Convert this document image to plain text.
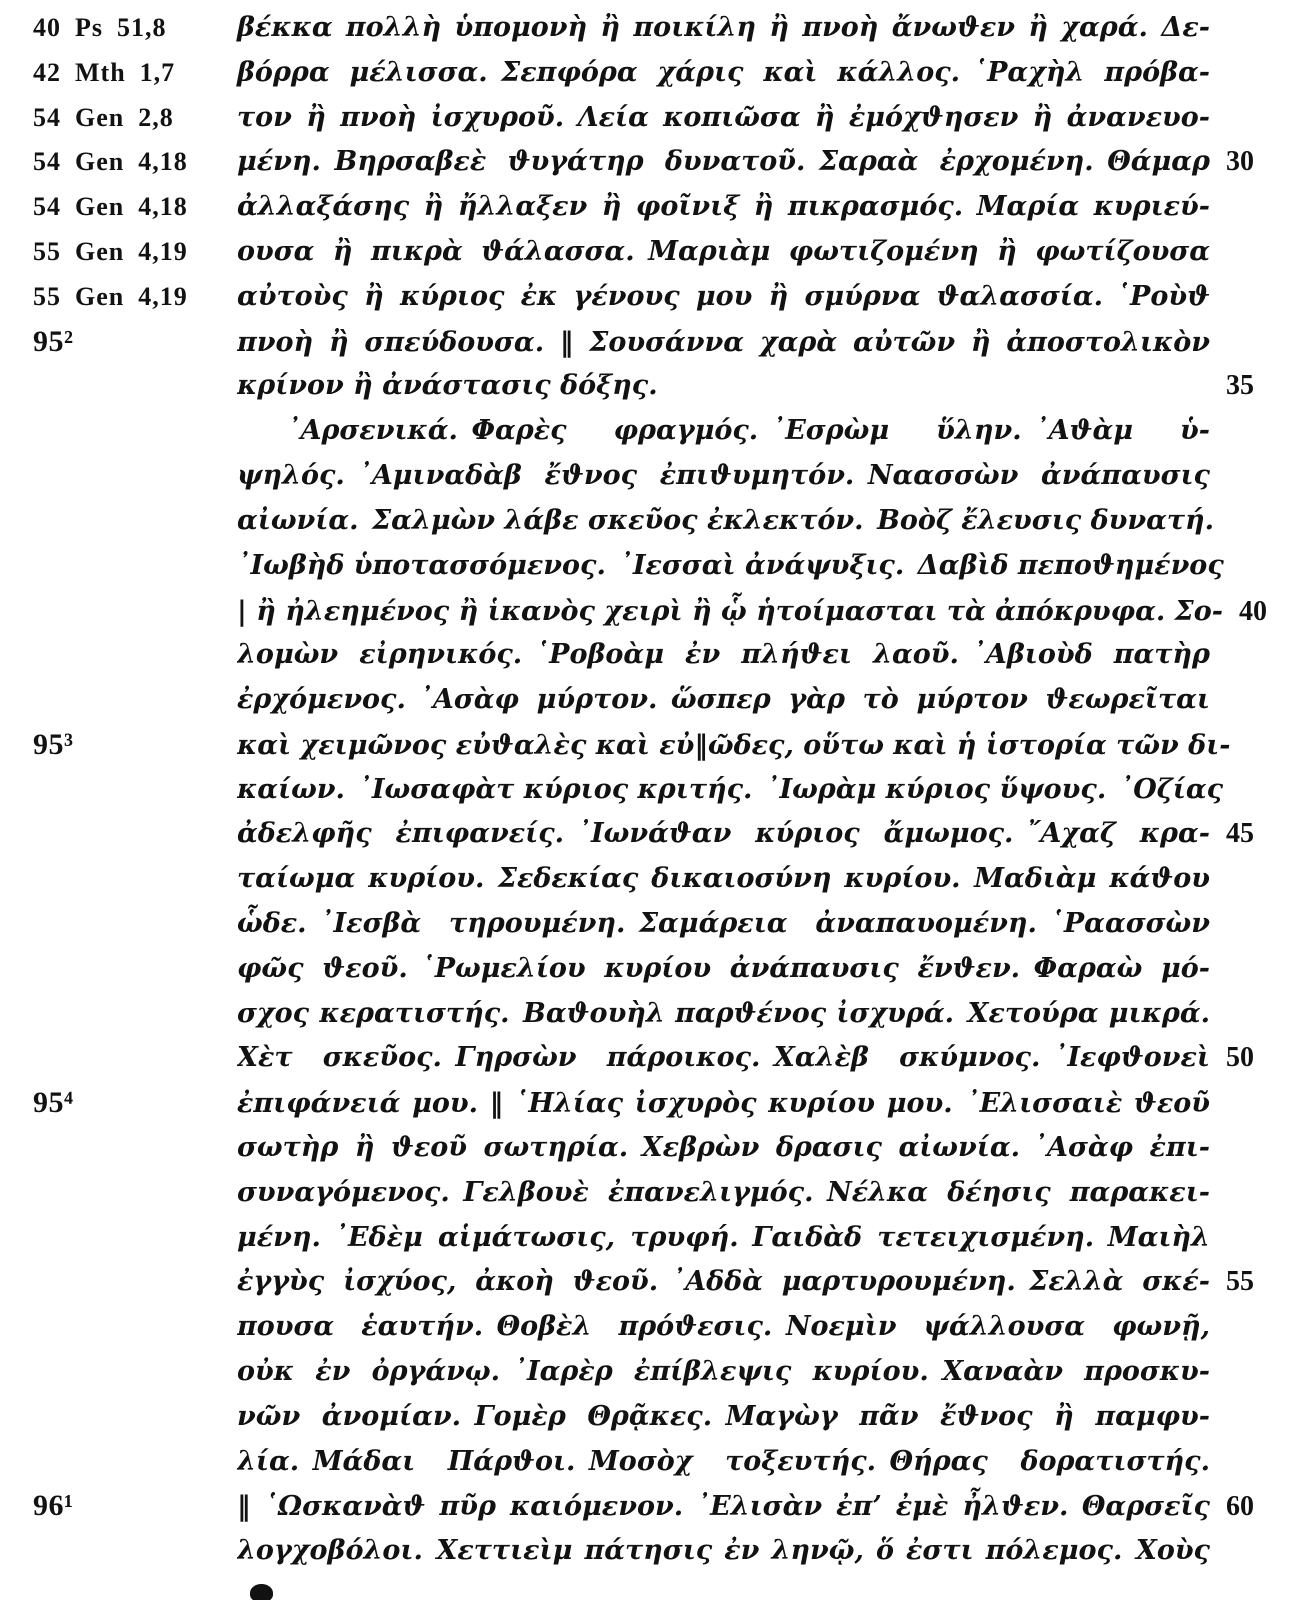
40 Ps 51,8	βέκκα πολλὴ ὑπομονὴ ἢ ποικίλη ἢ πνοὴ ἄνωϑεν ἢ χαρά. Δε-
42 Mth 1,7	βόρρα μέλισσα. Σεπφόρα χάρις καὶ κάλλος. ῾Ραχὴλ πρόβα-
54 Gen 2,8	τον ἢ πνοὴ ἰσχυροῦ. Λεία κοπιῶσα ἢ ἐμόχϑησεν ἢ ἀνανευο-
54 Gen 4,18	μένη. Βηρσαβεὲ ϑυγάτηρ δυνατοῦ. Σαραὰ ἐρχομένη. Θάμαρ 30
54 Gen 4,18	ἀλλαξάσης ἢ ἤλλαξεν ἢ φοῖνιξ ἢ πικρασμός. Μαρία κυριεύ-
55 Gen 4,19	ουσα ἢ πικρὰ ϑάλασσα. Μαριὰμ φωτιζομένη ἢ φωτίζουσα
55 Gen 4,19	αὐτοὺς ἢ κύριος ἐκ γένους μου ἢ σμύρνα ϑαλασσία. ῾Ροὺϑ
95²	πνοὴ ἢ σπεύδουσα. ‖ Σουσάννα χαρὰ αὐτῶν ἢ ἀποστολικὸν
κρίνον ἢ ἀνάστασις δόξης.	35
᾿Αρσενικά. Φαρὲς φραγμός. ᾿Εσρὼμ ὕλην. ᾿Αϑὰμ ὑ-
ψηλός. ᾿Αμιναδὰβ ἔϑνος ἐπιϑυμητόν. Ναασσὼν ἀνάπαυσις
αἰωνία. Σαλμὼν λάβε σκεῦος ἐκλεκτόν. Βοὸζ ἔλευσις δυνατή.
᾿Ιωβὴδ ὑποτασσόμενος. ᾿Ιεσσαὶ ἀνάψυξις. Δαβὶδ πεποϑημένος
| ἢ ἠλεημένος ἢ ἱκανὸς χειρὶ ἢ ᾧ ἡτοίμασται τὰ ἀπόκρυφα. Σο- 40
λομὼν εἰρηνικός. ῾Ροβοὰμ ἐν πλήϑει λαοῦ. ᾿Αβιοὺδ πατὴρ
ἐρχόμενος. ᾿Ασὰφ μύρτον. ὥσπερ γὰρ τὸ μύρτον ϑεωρεῖται
95³	καὶ χειμῶνος εὐϑαλὲς καὶ εὐ‖ῶδες, οὕτω καὶ ἡ ἱστορία τῶν δι-
καίων. ᾿Ιωσαφὰτ κύριος κριτής. ᾿Ιωρὰμ κύριος ὕψους. ᾿Οζίας
ἀδελφῆς ἐπιφανείς. ᾿Ιωνάϑαν κύριος ἄμωμος. ῎Αχαζ κρα- 45
ταίωμα κυρίου. Σεδεκίας δικαιοσύνη κυρίου. Μαδιὰμ κάϑου
ὧδε. ᾿Ιεσβὰ τηρουμένη. Σαμάρεια ἀναπαυομένη. ῾Ραασσὼν
φῶς ϑεοῦ. ῾Ρωμελίου κυρίου ἀνάπαυσις ἔνϑεν. Φαραὼ μό-
σχος κερατιστής. Βαϑουὴλ παρϑένος ἰσχυρά. Χετούρα μικρά.
Χὲτ σκεῦος. Γηρσὼν πάροικος. Χαλὲβ σκύμνος. ᾿Ιεφϑονεὶ 50
95⁴	ἐπιφάνειά μου. ‖ ῾Ηλίας ἰσχυρὸς κυρίου μου. ᾿Ελισσαιὲ ϑεοῦ
σωτὴρ ἢ ϑεοῦ σωτηρία. Χεβρὼν δρασις αἰωνία. ᾿Ασὰφ ἐπι-
συναγόμενος. Γελβουὲ ἐπανελιγμός. Νέλκα δέησις παρακει-
μένη. ᾿Εδὲμ αἱμάτωσις, τρυφή. Γαιδὰδ τετειχισμένη. Μαιὴλ
ἐγγὺς ἰσχύος, ἀκοὴ ϑεοῦ. ᾿Αδδὰ μαρτυρουμένη. Σελλὰ σκέ- 55
πουσα ἑαυτήν. Θοβὲλ πρόϑεσις. Νοεμὶν ψάλλουσα φωνῇ,
οὐκ ἐν ὀργάνῳ. ᾿Ιαρὲρ ἐπίβλεψις κυρίου. Χαναὰν προσκυ-
νῶν ἀνομίαν. Γομὲρ Θρᾷκες. Μαγὼγ πᾶν ἔϑνος ἢ παμφυ-
λία. Μάδαι Πάρϑοι. Μοσὸχ τοξευτής. Θήρας δορατιστής.
96¹	‖ ῾Ωσκανὰϑ πῦρ καιόμενον. ᾿Ελισὰν ἐπ’ ἐμὲ ἦλϑεν. Θαρσεῖς 60
λογχοβόλοι. Χεττιεὶμ πάτησις ἐν ληνῷ, ὅ ἐστι πόλεμος. Χοὺς
